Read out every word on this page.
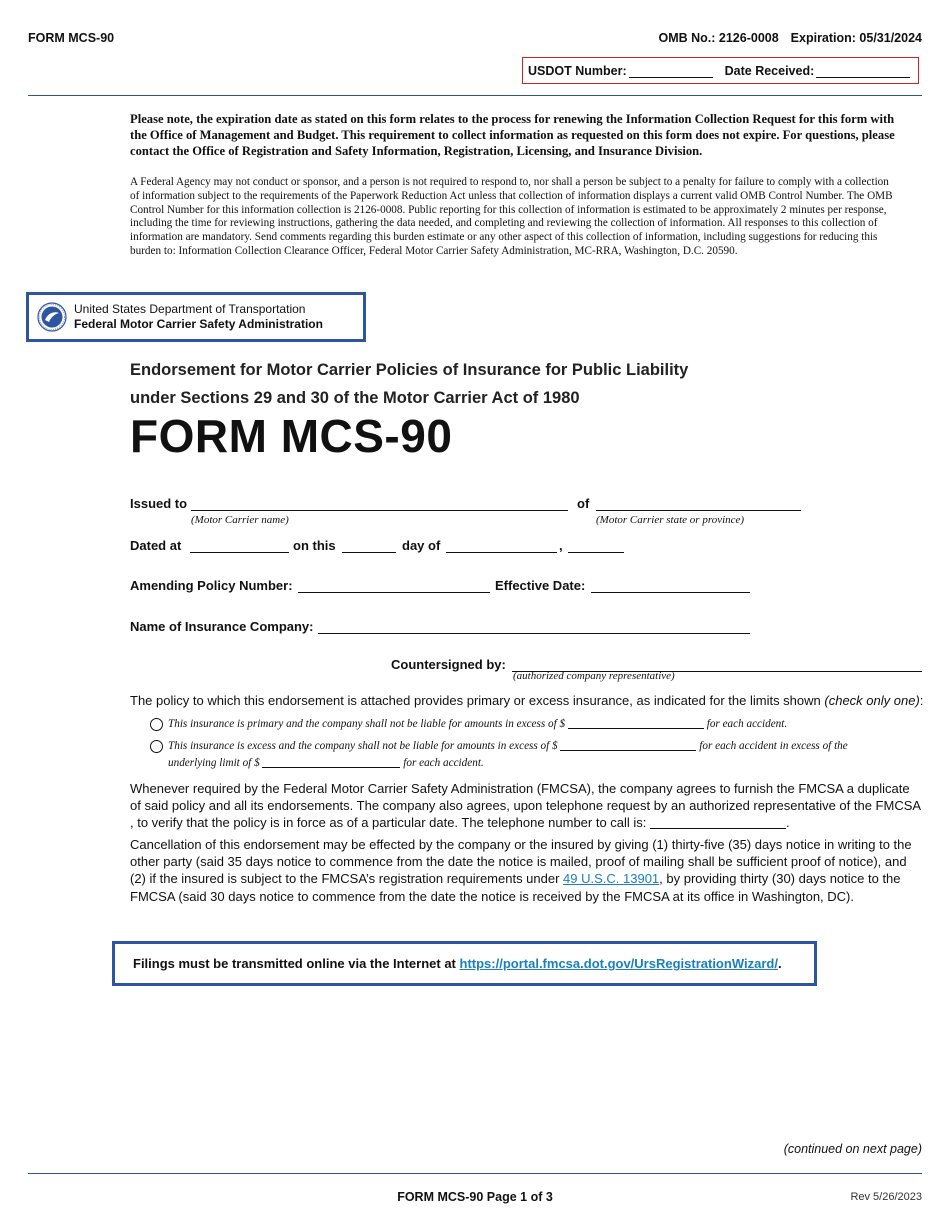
FORM MCS-90	OMB No.: 2126-0008 Expiration: 05/31/2024
USDOT Number:	Date Received:
Please note, the expiration date as stated on this form relates to the process for renewing the Information Collection Request for this form with the Office of Management and Budget. This requirement to collect information as requested on this form does not expire. For questions, please contact the Office of Registration and Safety Information, Registration, Licensing, and Insurance Division.
A Federal Agency may not conduct or sponsor, and a person is not required to respond to, nor shall a person be subject to a penalty for failure to comply with a collection of information subject to the requirements of the Paperwork Reduction Act unless that collection of information displays a current valid OMB Control Number. The OMB Control Number for this information collection is 2126-0008. Public reporting for this collection of information is estimated to be approximately 2 minutes per response, including the time for reviewing instructions, gathering the data needed, and completing and reviewing the collection of information. All responses to this collection of information are mandatory. Send comments regarding this burden estimate or any other aspect of this collection of information, including suggestions for reducing this burden to: Information Collection Clearance Officer, Federal Motor Carrier Safety Administration, MC-RRA, Washington, D.C. 20590.
United States Department of Transportation
Federal Motor Carrier Safety Administration
Endorsement for Motor Carrier Policies of Insurance for Public Liability
under Sections 29 and 30 of the Motor Carrier Act of 1980
FORM MCS-90
Issued to
(Motor Carrier name)
of
(Motor Carrier state or province)
Dated at	on this	day of	,
Amending Policy Number:	Effective Date:
Name of Insurance Company:
Countersigned by:
(authorized company representative)
The policy to which this endorsement is attached provides primary or excess insurance, as indicated for the limits shown (check only one):
This insurance is primary and the company shall not be liable for amounts in excess of $	for each accident.
This insurance is excess and the company shall not be liable for amounts in excess of $	for each accident in excess of the
underlying limit of $	for each accident.
Whenever required by the Federal Motor Carrier Safety Administration (FMCSA), the company agrees to furnish the FMCSA a duplicate of said policy and all its endorsements. The company also agrees, upon telephone request by an authorized representative of the FMCSA , to verify that the policy is in force as of a particular date. The telephone number to call is:	.
Cancellation of this endorsement may be effected by the company or the insured by giving (1) thirty-five (35) days notice in writing to the other party (said 35 days notice to commence from the date the notice is mailed, proof of mailing shall be sufficient proof of notice), and (2) if the insured is subject to the FMCSA’s registration requirements under 49 U.S.C. 13901, by providing thirty (30) days notice to the FMCSA (said 30 days notice to commence from the date the notice is received by the FMCSA at its office in Washington, DC).
Filings must be transmitted online via the Internet at
https://portal.fmcsa.dot.gov/UrsRegistrationWizard/ .
(continued on next page)
FORM MCS-90 Page 1 of 3	Rev 5/26/2023
